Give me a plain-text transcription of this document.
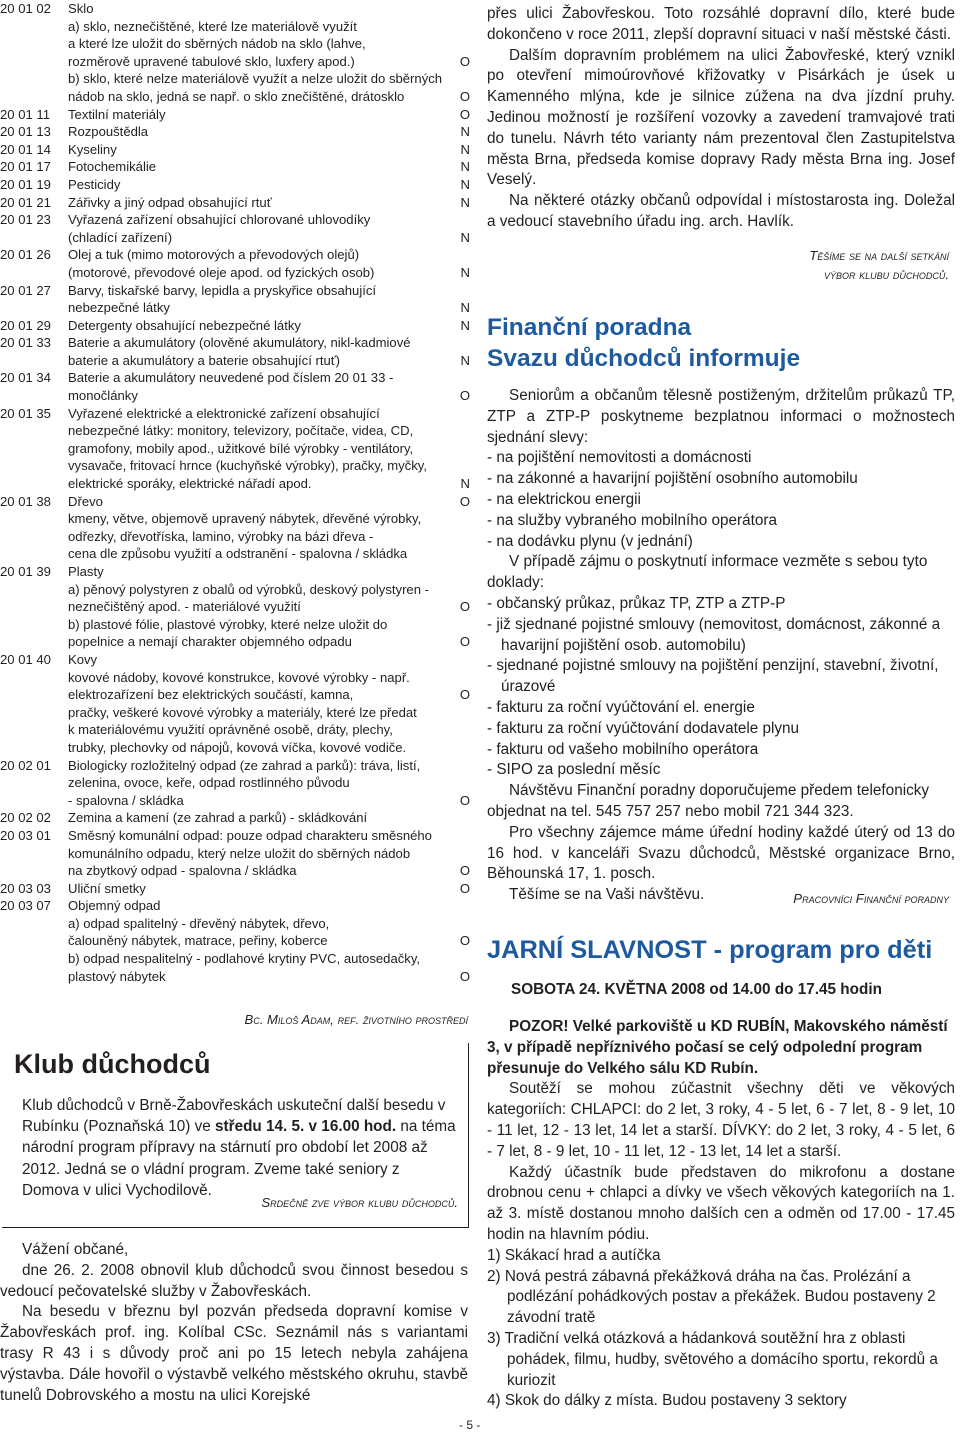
20 01 02	Sklo
a) sklo, neznečištěné, které lze materiálově využít
a které lze uložit do sběrných nádob na sklo (lahve,
rozměrově upravené tabulové sklo, luxfery apod.)	O
b) sklo, které nelze materiálově využít a nelze uložit do sběrných
nádob na sklo, jedná se např. o sklo znečištěné, drátosklo	O
20 01 11	Textilní materiály	O
20 01 13	Rozpouštědla	N
20 01 14	Kyseliny	N
20 01 17	Fotochemikálie	N
20 01 19	Pesticidy	N
20 01 21	Zářivky a jiný odpad obsahující rtuť	N
20 01 23	Vyřazená zařízení obsahující chlorované uhlovodíky
(chladící zařízení)	N
20 01 26	Olej a tuk (mimo motorových a převodových olejů)
(motorové, převodové oleje apod. od fyzických osob)	N
20 01 27	Barvy, tiskařské barvy, lepidla a pryskyřice obsahující
nebezpečné látky	N
20 01 29	Detergenty obsahující nebezpečné látky	N
20 01 33	Baterie a akumulátory (olověné akumulátory, nikl-kadmiové
baterie a akumulátory a baterie obsahující rtuť)	N
20 01 34	Baterie a akumulátory neuvedené pod číslem 20 01 33 -
monočlánky	O
20 01 35	Vyřazené elektrické a elektronické zařízení obsahující
nebezpečné látky: monitory, televizory, počítače, videa, CD,
gramofony, mobily apod., užitkové bílé výrobky - ventilátory,
vysavače, fritovací hrnce (kuchyňské výrobky), pračky, myčky,
elektrické sporáky, elektrické nářadí apod.	N
20 01 38	Dřevo	O
kmeny, větve, objemově upravený nábytek, dřevěné výrobky,
odřezky, dřevotříska, lamino, výrobky na bázi dřeva -
cena dle způsobu využití a odstranění - spalovna / skládka
20 01 39	Plasty
a) pěnový polystyren z obalů od výrobků, deskový polystyren -
neznečištěný apod. - materiálové využití	O
b) plastové fólie, plastové výrobky, které nelze uložit do
popelnice a nemají charakter objemného odpadu	O
20 01 40	Kovy
kovové nádoby, kovové konstrukce, kovové výrobky - např.
elektrozařízení bez elektrických součástí, kamna,	O
pračky, veškeré kovové výrobky a materiály, které lze předat
k materiálovému využití oprávněné osobě, dráty, plechy,
trubky, plechovky od nápojů, kovová víčka, kovové vodiče.
20 02 01	Biologicky rozložitelný odpad (ze zahrad a parků): tráva, listí,
zelenina, ovoce, keře, odpad rostlinného původu
- spalovna / skládka	O
20 02 02	Zemina a kamení (ze zahrad a parků) - skládkování
20 03 01	Směsný komunální odpad: pouze odpad charakteru směsného
komunálního odpadu, který nelze uložit do sběrných nádob
na zbytkový odpad - spalovna / skládka	O
20 03 03	Uliční smetky	O
20 03 07	Objemný odpad
a) odpad spalitelný - dřevěný nábytek, dřevo,
čalouněný nábytek, matrace, peřiny, koberce	O
b) odpad nespalitelný - podlahové krytiny PVC, autosedačky,
plastový nábytek	O
Bc. Miloš Adam, ref. životního prostředí
Klub důchodců
Klub důchodců v Brně-Žabovřeskách uskuteční další besedu v Rubínku (Poznaňská 10) ve středu 14. 5. v 16.00 hod. na téma národní program přípravy na stárnutí pro období let 2008 až 2012. Jedná se o vládní program. Zveme také seniory z Domova v ulici Vychodilově.
Srdečně zve výbor klubu důchodců.

Vážení občané,

dne 26. 2. 2008 obnovil klub důchodců svou činnost besedou s vedoucí pečovatelské služby v Žabovřeskách.

Na besedu v březnu byl pozván předseda dopravní komise v Žabovřeskách prof. ing. Kolíbal CSc. Seznámil nás s variantami trasy R 43 i s důvody proč ani po 15 letech nebyla zahájena výstavba. Dále hovořil o výstavbě velkého městského okruhu, stavbě tunelů Dobrovského a mostu na ulici Korejské

přes ulici Žabovřeskou. Toto rozsáhlé dopravní dílo, které bude dokončeno v roce 2011, zlepší dopravní situaci v naší městské části.

Dalším dopravním problémem na ulici Žabovřeské, který vznikl po otevření mimoúrovňové křižovatky v Pisárkách je úsek u Kamenného mlýna, kde je silnice zúžena na dva jízdní pruhy. Jedinou možností je rozšíření vozovky a zavedení tramvajové trati do tunelu. Návrh této varianty nám prezentoval člen Zastupitelstva města Brna, předseda komise dopravy Rady města Brna ing. Josef Veselý.

Na některé otázky občanů odpovídal i místostarosta ing. Doležal a vedoucí stavebního úřadu ing. arch. Havlík.

Těšíme se na další setkání
výbor klubu důchodců.
Finanční poradna
Svazu důchodců informuje

Seniorům a občanům tělesně postiženým, držitelům průkazů TP, ZTP a ZTP-P poskytneme bezplatnou informaci o možnostech sjednání slevy:

- na pojištění nemovitosti a domácnosti

- na zákonné a havarijní pojištění osobního automobilu

- na elektrickou energii

- na služby vybraného mobilního operátora

- na dodávku plynu (v jednání)

V případě zájmu o poskytnutí informace vezměte s sebou tyto doklady:

- občanský průkaz, průkaz TP, ZTP a ZTP-P

- již sjednané pojistné smlouvy (nemovitost, domácnost, zákonné a havarijní pojištění osob. automobilu)

- sjednané pojistné smlouvy na pojištění penzijní, stavební, životní, úrazové

- fakturu za roční vyúčtování el. energie

- fakturu za roční vyúčtování dodavatele plynu

- fakturu od vašeho mobilního operátora

- SIPO za poslední měsíc

Návštěvu Finanční poradny doporučujeme předem telefonicky objednat na tel. 545 757 257 nebo mobil 721 344 323.

Pro všechny zájemce máme úřední hodiny každé úterý od 13 do 16 hod. v kanceláři Svazu důchodců, Městské organizace Brno, Běhounská 17, 1. posch.

Těšíme se na Vaši návštěvu.	Pracovníci Finanční poradny
JARNÍ SLAVNOST - program pro děti
SOBOTA 24. KVĚTNA 2008 od 14.00 do 17.45 hodin

POZOR! Velké parkoviště u KD RUBÍN, Makovského náměstí 3, v případě nepříznivého počasí se celý odpolední program přesunuje do Velkého sálu KD Rubín.

Soutěží se mohou zúčastnit všechny děti ve věkových kategoriích: CHLAPCI: do 2 let, 3 roky, 4 - 5 let, 6 - 7 let, 8 - 9 let, 10 - 11 let, 12 - 13 let, 14 let a starší. DÍVKY: do 2 let, 3 roky, 4 - 5 let, 6 - 7 let, 8 - 9 let, 10 - 11 let, 12 - 13 let, 14 let a starší.

Každý účastník bude představen do mikrofonu a dostane drobnou cenu + chlapci a dívky ve všech věkových kategoriích na 1. až 3. místě dostanou mnoho dalších cen a odměn od 17.00 - 17.45 hodin na hlavním pódiu.

1) Skákací hrad a autíčka

2) Nová pestrá zábavná překážková dráha na čas. Prolézání a podlézání pohádkových postav a překážek. Budou postaveny 2 závodní tratě

3) Tradiční velká otázková a hádanková soutěžní hra z oblasti pohádek, filmu, hudby, světového a domácího sportu, rekordů a kuriozit

4) Skok do dálky z místa. Budou postaveny 3 sektory

- 5 -
